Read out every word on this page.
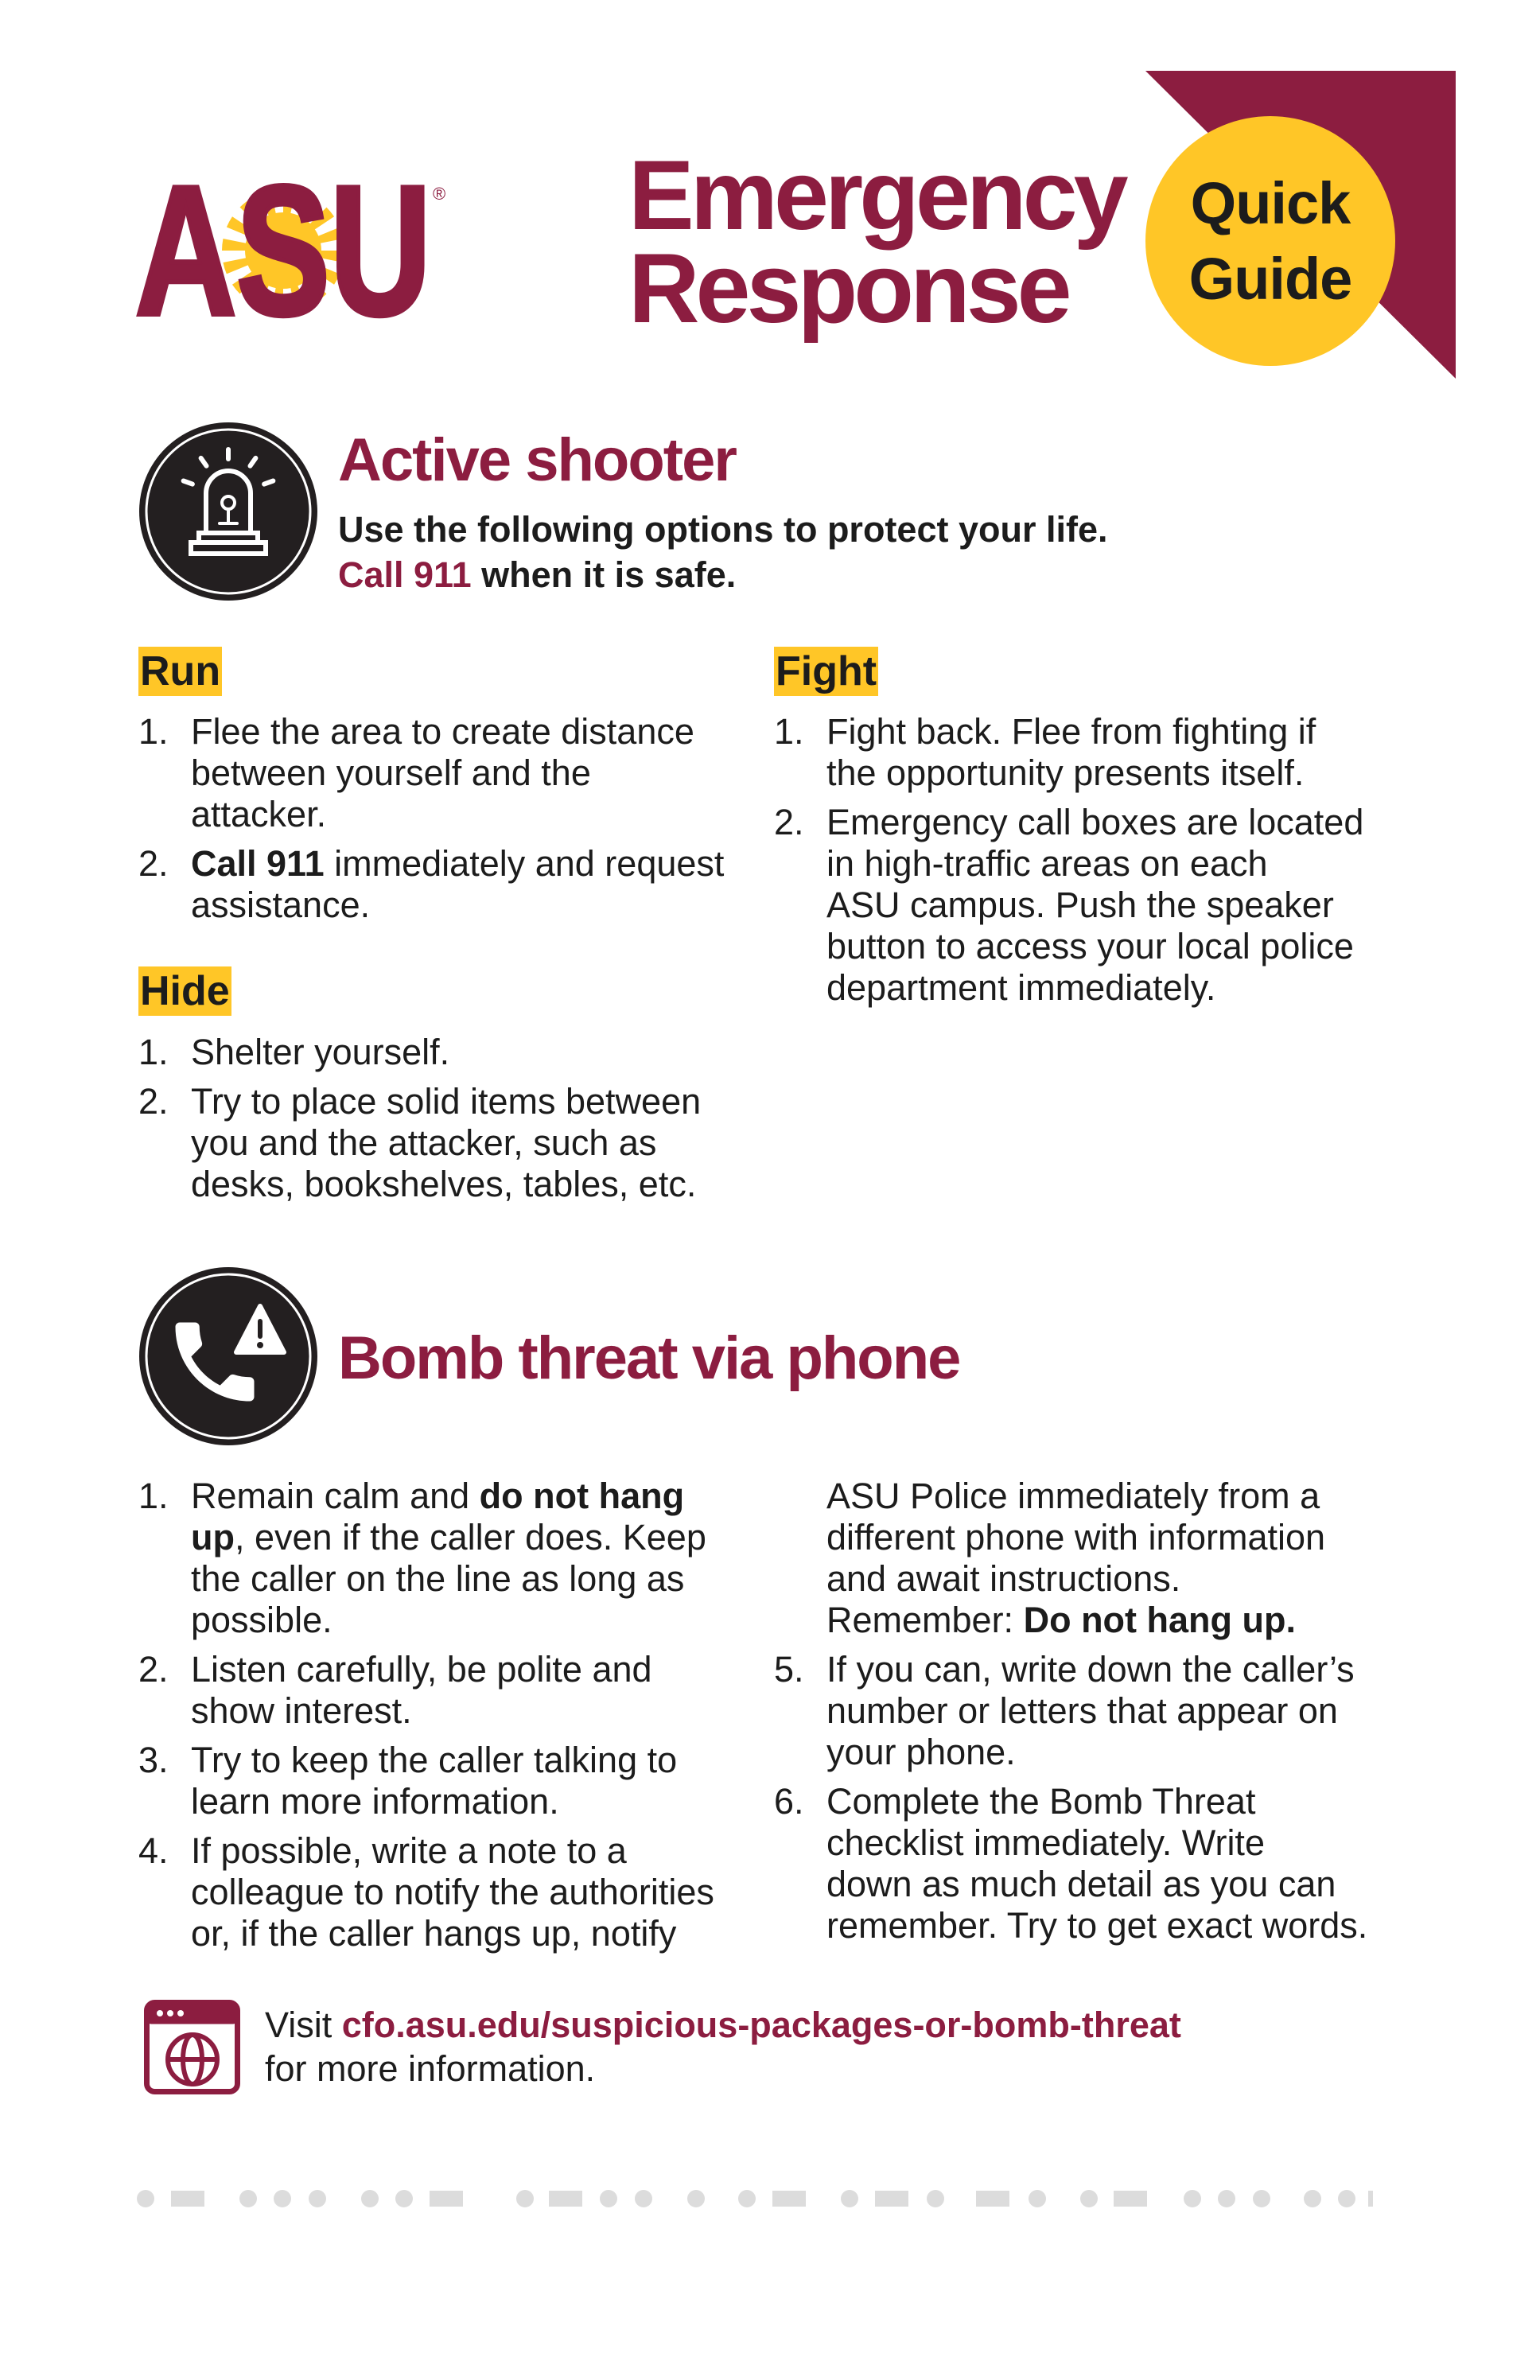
ASU ® Emergency
Response
Quick
Guide
Active shooter
Use the following options to protect your life.
Call 911 when it is safe.
Run
1. Flee the area to create distance
between yourself and the
attacker.
2. Call 911 immediately and request
assistance.
Hide
1. Shelter yourself.
2. Try to place solid items between
you and the attacker, such as
desks, bookshelves, tables, etc.
Fight
1. Fight back. Flee from fighting if
the opportunity presents itself.
2. Emergency call boxes are located
in high-traffic areas on each
ASU campus. Push the speaker
button to access your local police
department immediately.
Bomb threat via phone
1. Remain calm and do not hang
up, even if the caller does. Keep
the caller on the line as long as
possible.
2. Listen carefully, be polite and
show interest.
3. Try to keep the caller talking to
learn more information.
4. If possible, write a note to a
colleague to notify the authorities
or, if the caller hangs up, notify
ASU Police immediately from a
different phone with information
and await instructions.
Remember: Do not hang up.
5. If you can, write down the caller’s
number or letters that appear on
your phone.
6. Complete the Bomb Threat
checklist immediately. Write
down as much detail as you can
remember. Try to get exact words.
Visit cfo.asu.edu/suspicious-packages-or-bomb-threat
for more information.
